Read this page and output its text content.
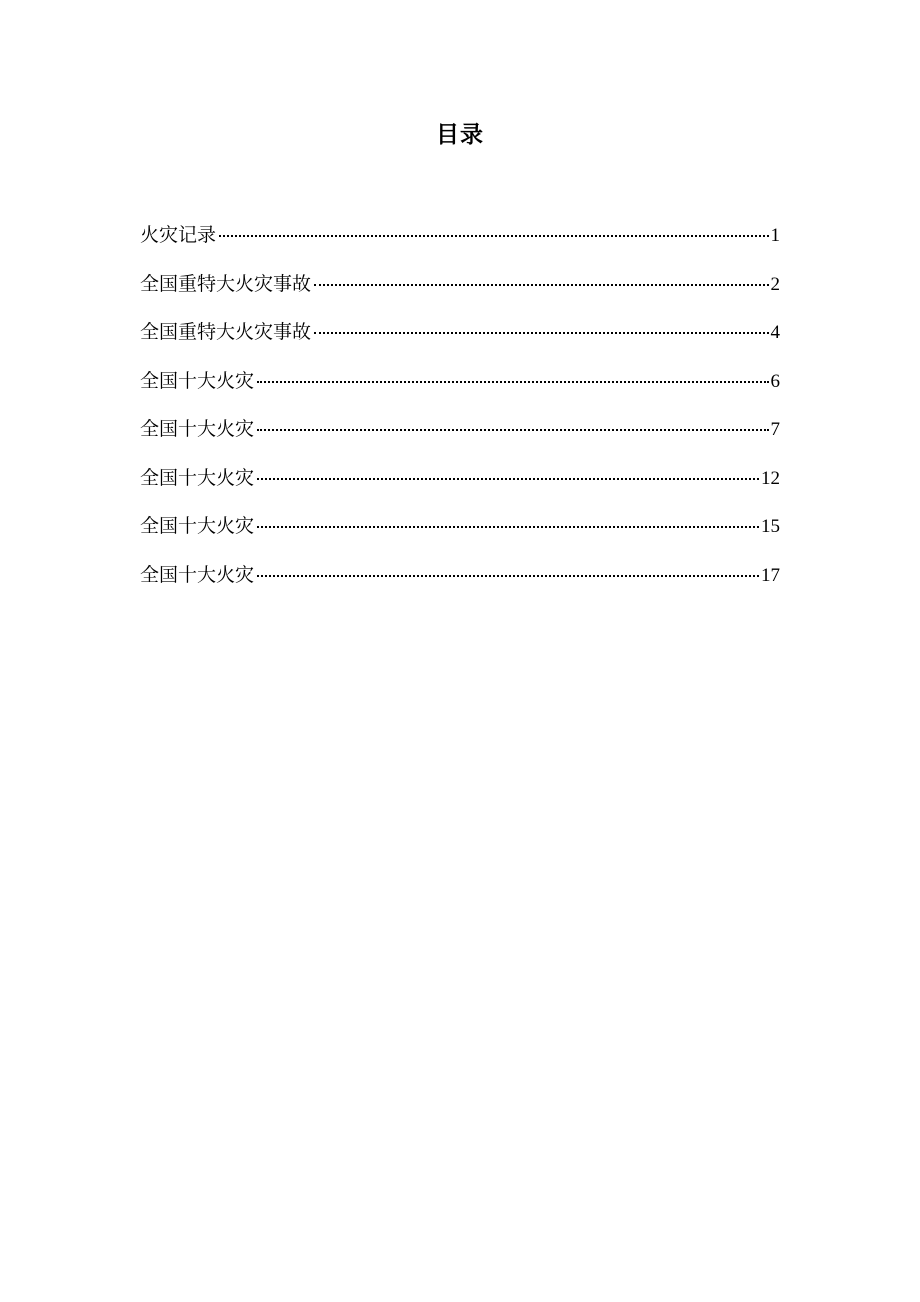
目录
火灾记录	1
全国重特大火灾事故	2
全国重特大火灾事故	4
全国十大火灾	6
全国十大火灾	7
全国十大火灾	12
全国十大火灾	15
全国十大火灾	17
